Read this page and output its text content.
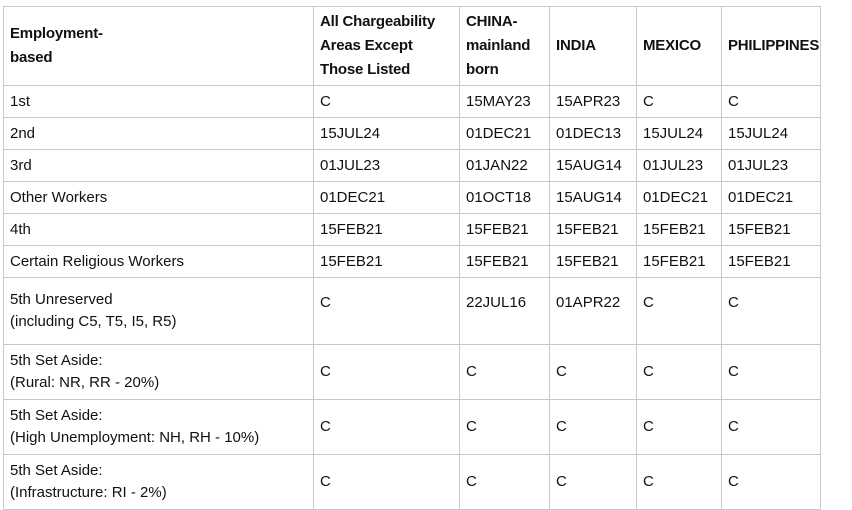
Employment-
based	All Chargeability
Areas Except
Those Listed	CHINA-
mainland
born	INDIA	MEXICO	PHILIPPINES
1st	C	15MAY23	15APR23	C	C
2nd	15JUL24	01DEC21	01DEC13	15JUL24	15JUL24
3rd	01JUL23	01JAN22	15AUG14	01JUL23	01JUL23
Other Workers	01DEC21	01OCT18	15AUG14	01DEC21	01DEC21
4th	15FEB21	15FEB21	15FEB21	15FEB21	15FEB21
Certain Religious Workers	15FEB21	15FEB21	15FEB21	15FEB21	15FEB21
5th Unreserved
(including C5, T5, I5, R5)	C	22JUL16	01APR22	C	C
5th Set Aside:
(Rural: NR, RR - 20%)	C	C	C	C	C
5th Set Aside:
(High Unemployment: NH, RH - 10%)	C	C	C	C	C
5th Set Aside:
(Infrastructure: RI - 2%)	C	C	C	C	C
